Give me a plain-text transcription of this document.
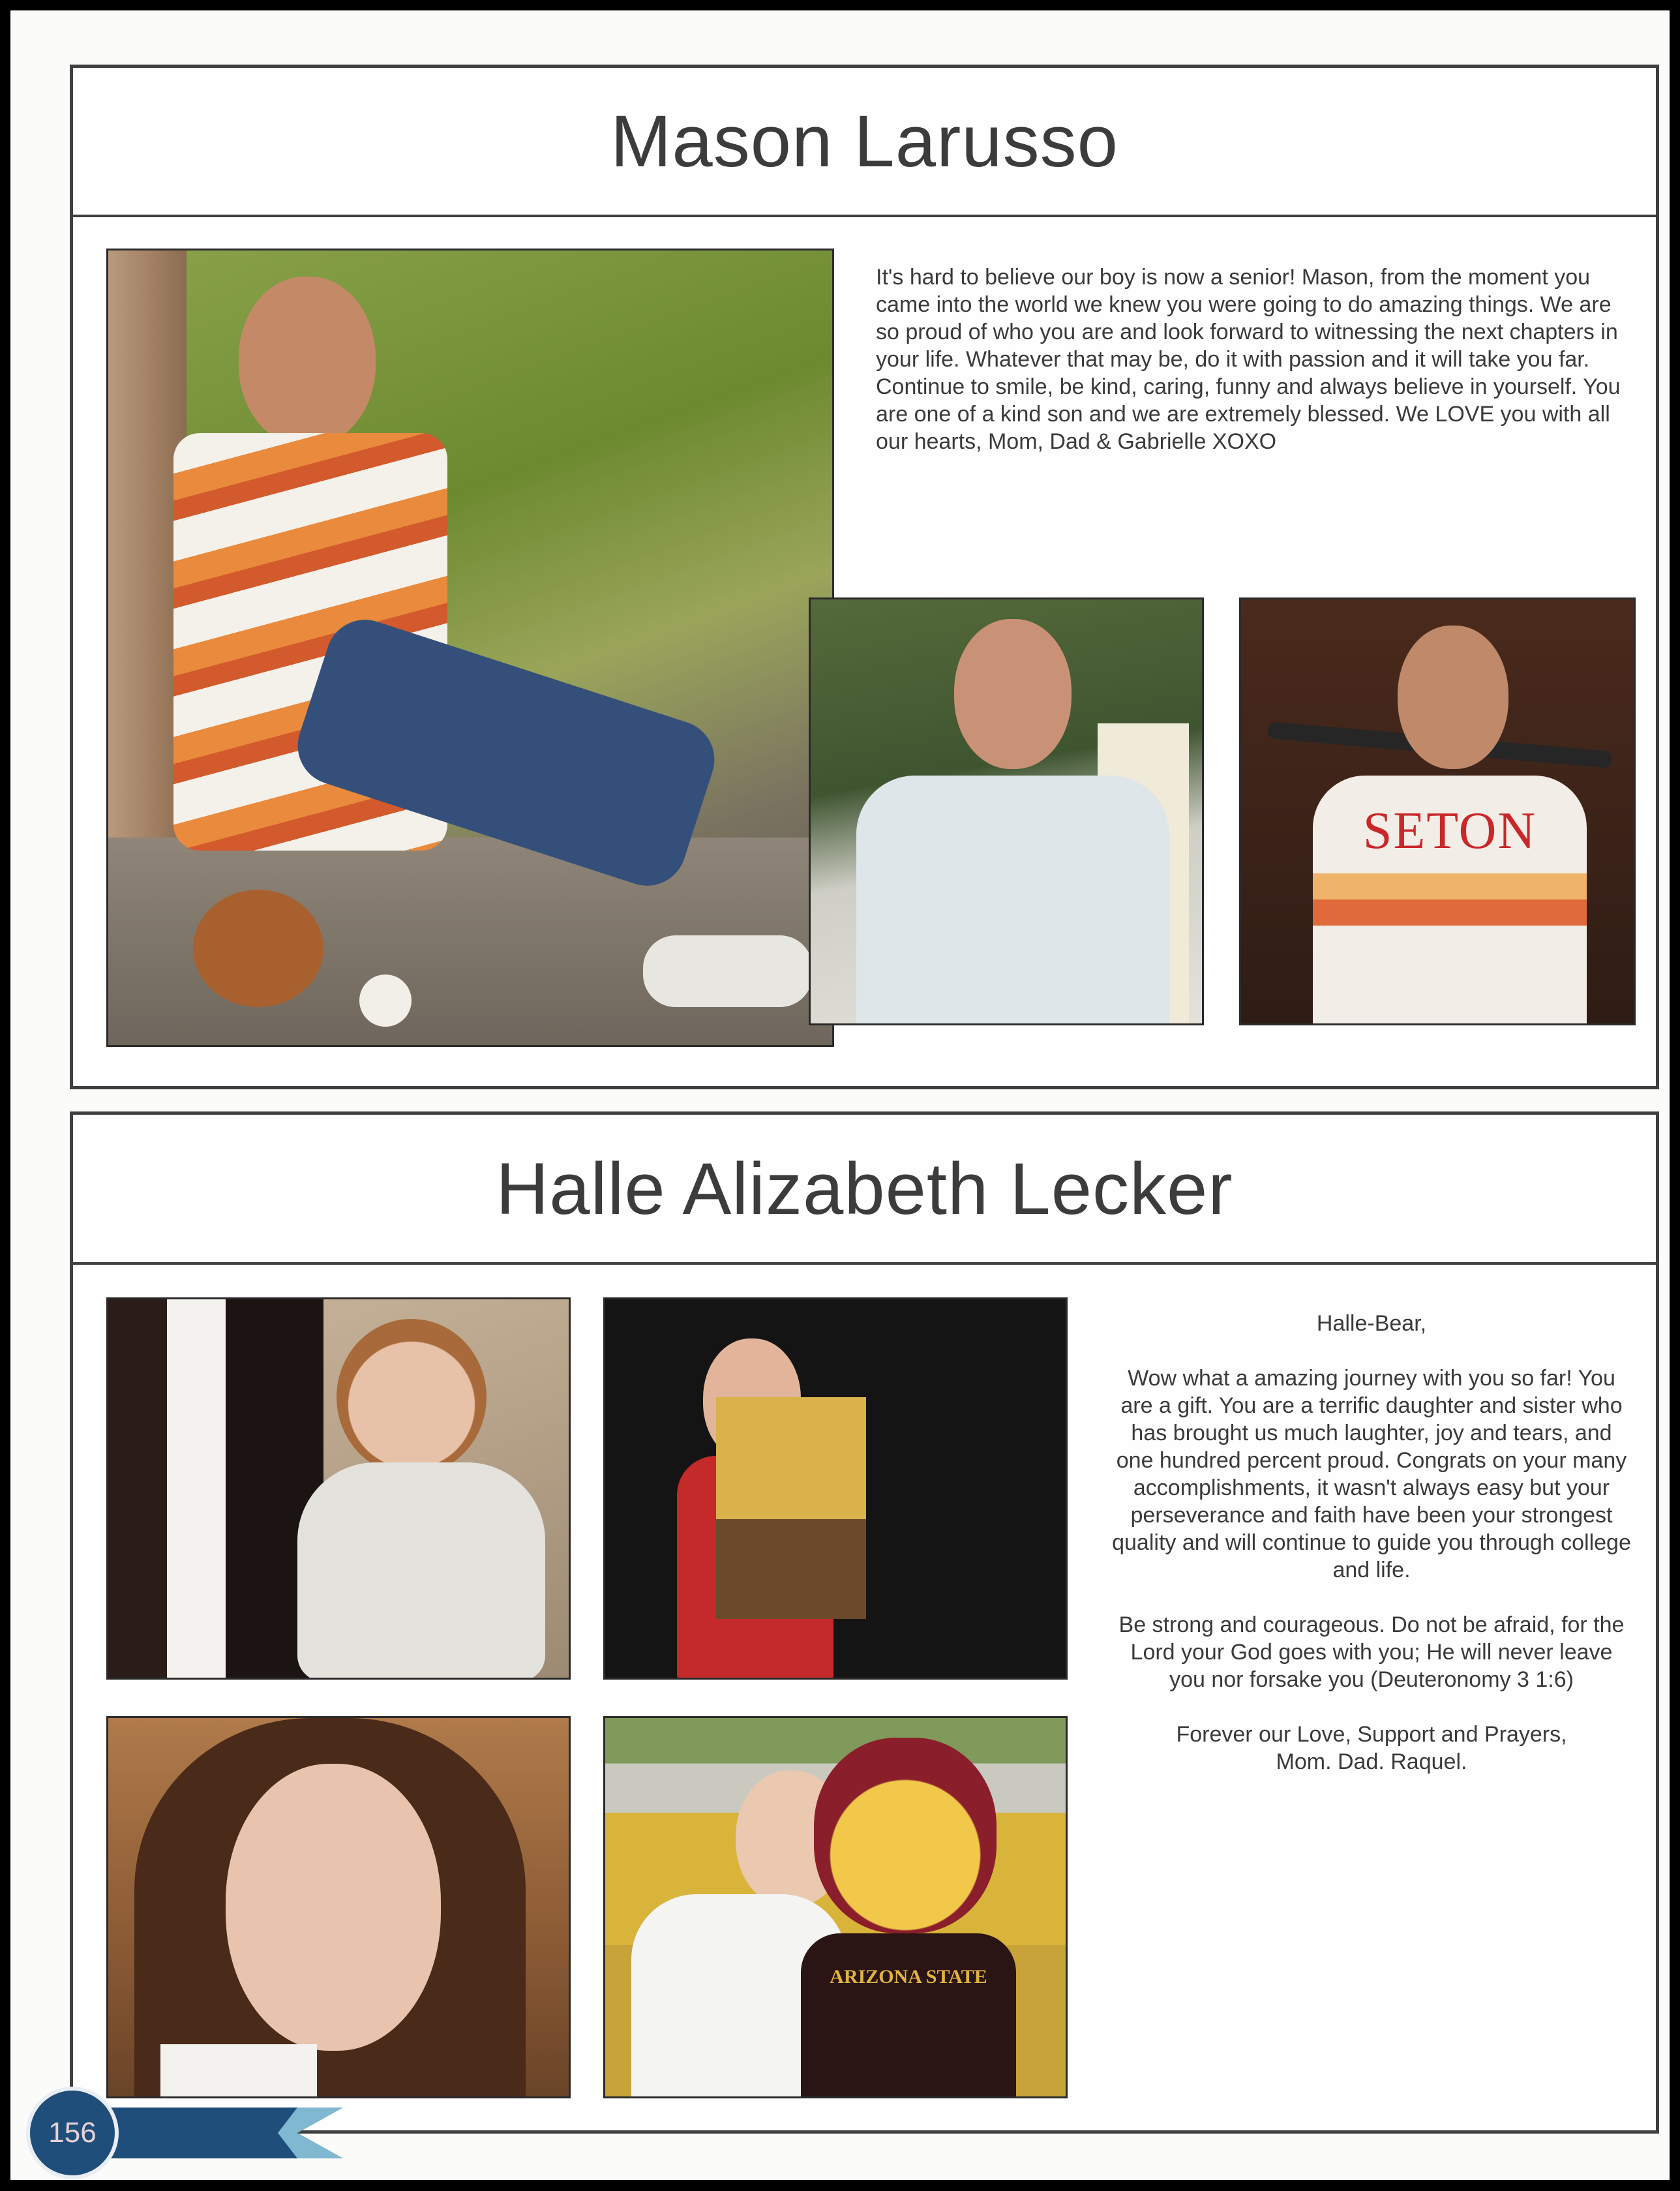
Mason Larusso

It's hard to believe our boy is now a senior! Mason, from the moment you came into the world we knew you were going to do amazing things. We are so proud of who you are and look forward to witnessing the next chapters in your life. Whatever that may be, do it with passion and it will take you far. Continue to smile, be kind, caring, funny and always believe in yourself. You are one of a kind son and we are extremely blessed. We LOVE you with all our hearts, Mom, Dad & Gabrielle XOXO

SETON
Halle Alizabeth Lecker
ARIZONA STATE

Halle-Bear,

Wow what a amazing journey with you so far! You are a gift. You are a terrific daughter and sister who has brought us much laughter, joy and tears, and one hundred percent proud. Congrats on your many accomplishments, it wasn't always easy but your perseverance and faith have been your strongest quality and will continue to guide you through college and life.

Be strong and courageous. Do not be afraid, for the Lord your God goes with you; He will never leave you nor forsake you (Deuteronomy 3 1:6)

Forever our Love, Support and Prayers,

Mom. Dad. Raquel.

156
